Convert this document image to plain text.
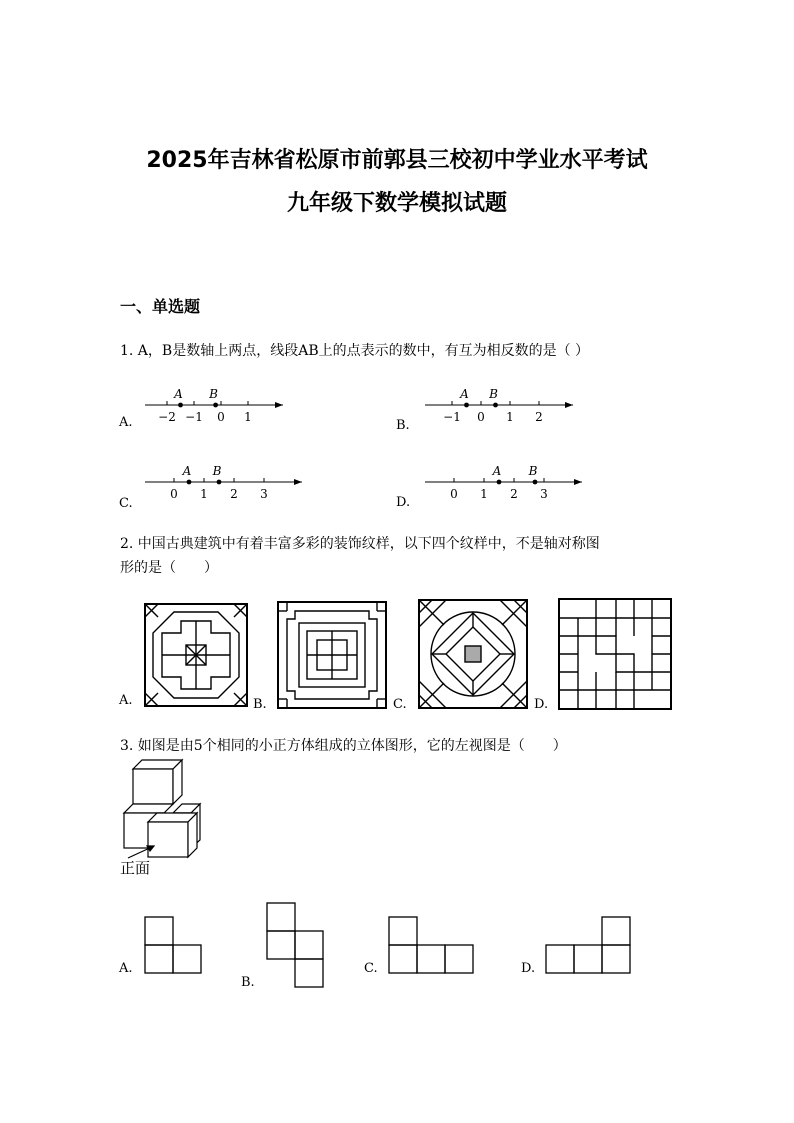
2025年吉林省松原市前郭县三校初中学业水平考试
九年级下数学模拟试题
一、单选题
1. A，B是数轴上两点，线段AB上的点表示的数中，有互为相反数的是（ ）
A.	B.
C.	D.
−2 −1 0 1
A B
−1 0 1 2
A B
0 1 2 3
A B
0 1 2 3
A B
2. 中国古典建筑中有着丰富多彩的装饰纹样，以下四个纹样中，不是轴对称图
形的是（　　）
A.	B.	C.	D.
3. 如图是由5个相同的小正方体组成的立体图形，它的左视图是（　　）
正面
A.
B.
C.	D.
